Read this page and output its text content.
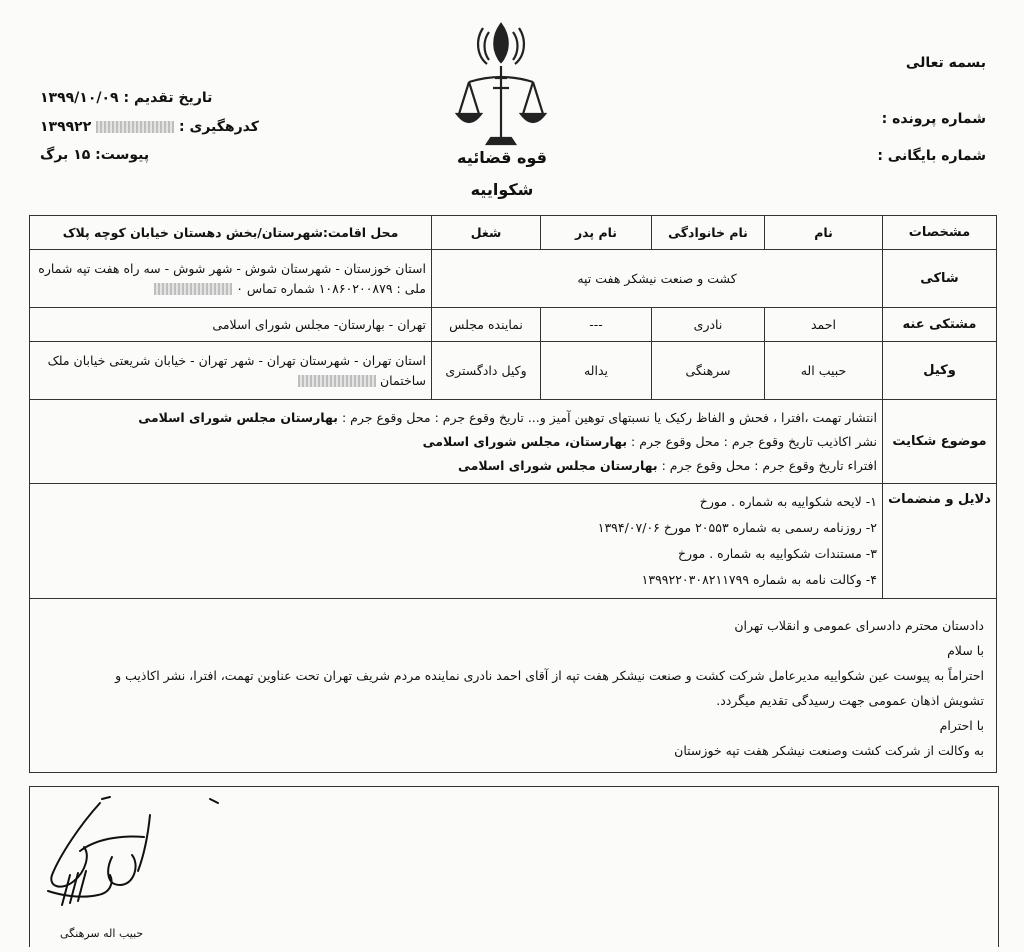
بسمه تعالی
شماره پرونده :
شماره بایگانی :
تاریخ تقدیم : ۱۳۹۹/۱۰/۰۹
کدرهگیری :  ۱۳۹۹۲۲
پیوست: ۱۵ برگ	قوه قضائیه
شکواییه
مشخصات	نام	نام خانوادگی	نام پدر	شغل	محل اقامت:شهرستان/بخش دهستان خیابان کوچه پلاک
شاکی	کشت و صنعت نیشکر هفت تپه				استان خوزستان - شهرستان شوش - شهر شوش - سه راه هفت تپه شماره
ملی : ۱۰۸۶۰۲۰۰۸۷۹ شماره تماس ۰

مشتکی عنه	احمد	نادری	---	نماینده مجلس	تهران - بهارستان- مجلس شورای اسلامی
وکیل	حبیب اله	سرهنگی	یداله	وکیل دادگستری	استان تهران - شهرستان تهران - شهر تهران - خیابان شریعتی خیابان ملک
ساختمان

موضوع شکایت	انتشار تهمت ،افترا ، فحش و الفاظ رکیک یا نسبتهای توهین آمیز و... تاریخ وقوع جرم : محل وقوع جرم : بهارستان مجلس شورای اسلامی

نشر اکاذیب تاریخ وقوع جرم : محل وقوع جرم : بهارستان، مجلس شورای اسلامی

افتراء تاریخ وقوع جرم : محل وقوع جرم : بهارستان مجلس شورای اسلامی				

دلایل و منضمات	۱- لایحه شکواییه به شماره . مورخ

۲- روزنامه رسمی به شماره ۲۰۵۵۳ مورخ ۱۳۹۴/۰۷/۰۶

۳- مستندات شکواییه به شماره . مورخ

۴- وکالت نامه به شماره ۱۳۹۹۲۲۰۳۰۸۲۱۱۷۹۹				

دادستان محترم دادسرای عمومی و انقلاب تهران

با سلام

احتراماً به پیوست عین شکواییه مدیرعامل شرکت کشت و صنعت نیشکر هفت تپه از آقای احمد نادری نماینده مردم شریف تهران تحت عناوین تهمت، افترا، نشر اکاذیب و

تشویش اذهان عمومی جهت رسیدگی تقدیم میگردد.

با احترام

به وکالت از شرکت کشت وصنعت نیشکر هفت تپه خوزستان

حبیب اله سرهنگی
